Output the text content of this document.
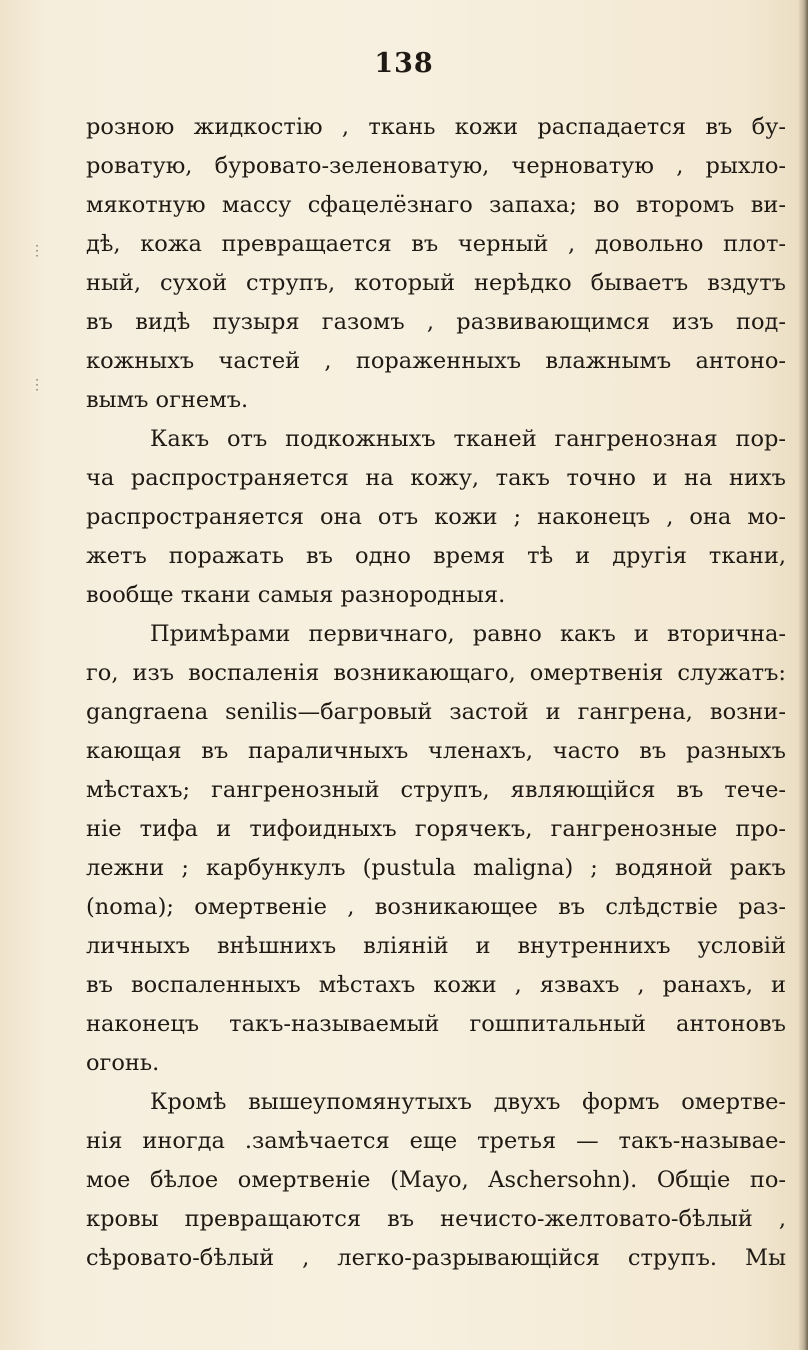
⋮
⋮
138
розною жидкостію , ткань кожи распадается въ бу-
роватую, буровато-зеленоватую, черноватую , рыхло-
мякотную массу сфацелёзнаго запаха; во второмъ ви-
дѣ, кожа превращается въ черный , довольно плот-
ный, сухой струпъ, который нерѣдко бываетъ вздутъ
въ видѣ пузыря газомъ , развивающимся изъ под-
кожныхъ частей , пораженныхъ влажнымъ антоно-
вымъ огнемъ.
Какъ отъ подкожныхъ тканей гангренозная пор-
ча распространяется на кожу, такъ точно и на нихъ
распространяется она отъ кожи ; наконецъ , она мо-
жетъ поражать въ одно время тѣ и другія ткани,
вообще ткани самыя разнородныя.
Примѣрами первичнаго, равно какъ и вторична-
го, изъ воспаленія возникающаго, омертвенія служатъ:
gangraena senilis—багровый застой и гангрена, возни-
кающая въ параличныхъ членахъ, часто въ разныхъ
мѣстахъ; гангренозный струпъ, являющійся въ тече-
ніе тифа и тифоидныхъ горячекъ, гангренозные про-
лежни ; карбункулъ (pustula maligna) ; водяной ракъ
(noma); омертвеніе , возникающее въ слѣдствіе раз-
личныхъ внѣшнихъ вліяній и внутреннихъ условій
въ воспаленныхъ мѣстахъ кожи , язвахъ , ранахъ, и
наконецъ такъ-называемый гошпитальный антоновъ
огонь.
Кромѣ вышеупомянутыхъ двухъ формъ омертве-
нія иногда .замѣчается еще третья — такъ-называе-
мое бѣлое омертвеніе (Mayo, Aschersohn). Общіе по-
кровы превращаются въ нечисто-желтовато-бѣлый ,
сѣровато-бѣлый , легко-разрывающійся струпъ. Мы
